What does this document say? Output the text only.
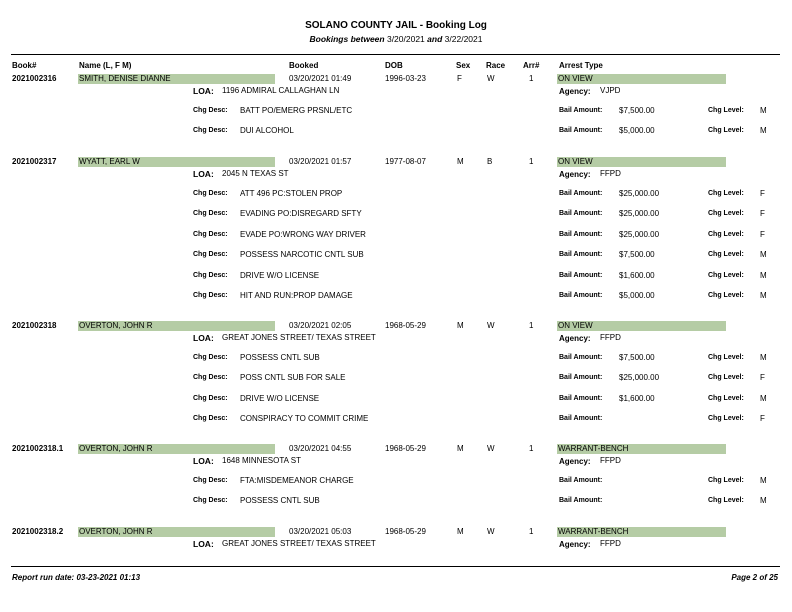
SOLANO COUNTY JAIL - Booking Log
Bookings between 3/20/2021 and 3/22/2021
Book#	Name (L, F M)	Booked	DOB	Sex Race Arr# Arrest Type
2021002316	SMITH, DENISE DIANNE	03/20/2021 01:49	1996-03-23	F	W	1	ON VIEW
LOA: 1196 ADMIRAL CALLAGHAN LN	Agency: VJPD
Chg Desc: BATT PO/EMERG PRSNL/ETC	Bail Amount: $7,500.00	Chg Level: M
Chg Desc: DUI ALCOHOL	Bail Amount: $5,000.00	Chg Level: M
2021002317	WYATT, EARL W	03/20/2021 01:57	1977-08-07	M	B	1	ON VIEW
LOA: 2045 N TEXAS ST	Agency: FFPD
Chg Desc: ATT 496 PC:STOLEN PROP	Bail Amount: $25,000.00	Chg Level: F
Chg Desc: EVADING PO:DISREGARD SFTY	Bail Amount: $25,000.00	Chg Level: F
Chg Desc: EVADE PO:WRONG WAY DRIVER	Bail Amount: $25,000.00	Chg Level: F
Chg Desc: POSSESS NARCOTIC CNTL SUB	Bail Amount: $7,500.00	Chg Level: M
Chg Desc: DRIVE W/O LICENSE	Bail Amount: $1,600.00	Chg Level: M
Chg Desc: HIT AND RUN:PROP DAMAGE	Bail Amount: $5,000.00	Chg Level: M
2021002318	OVERTON, JOHN R	03/20/2021 02:05	1968-05-29	M	W	1	ON VIEW
LOA: GREAT JONES STREET/ TEXAS STREET	Agency: FFPD
Chg Desc: POSSESS CNTL SUB	Bail Amount: $7,500.00	Chg Level: M
Chg Desc: POSS CNTL SUB FOR SALE	Bail Amount: $25,000.00	Chg Level: F
Chg Desc: DRIVE W/O LICENSE	Bail Amount: $1,600.00	Chg Level: M
Chg Desc: CONSPIRACY TO COMMIT CRIME	Bail Amount:	Chg Level: F
2021002318.1 OVERTON, JOHN R	03/20/2021 04:55	1968-05-29	M	W	1	WARRANT-BENCH
LOA: 1648 MINNESOTA ST	Agency: FFPD
Chg Desc: FTA:MISDEMEANOR CHARGE	Bail Amount:	Chg Level: M
Chg Desc: POSSESS CNTL SUB	Bail Amount:	Chg Level: M
2021002318.2 OVERTON, JOHN R	03/20/2021 05:03	1968-05-29	M	W	1	WARRANT-BENCH
LOA: GREAT JONES STREET/ TEXAS STREET	Agency: FFPD
Report run date: 03-23-2021 01:13	Page 2 of 25
